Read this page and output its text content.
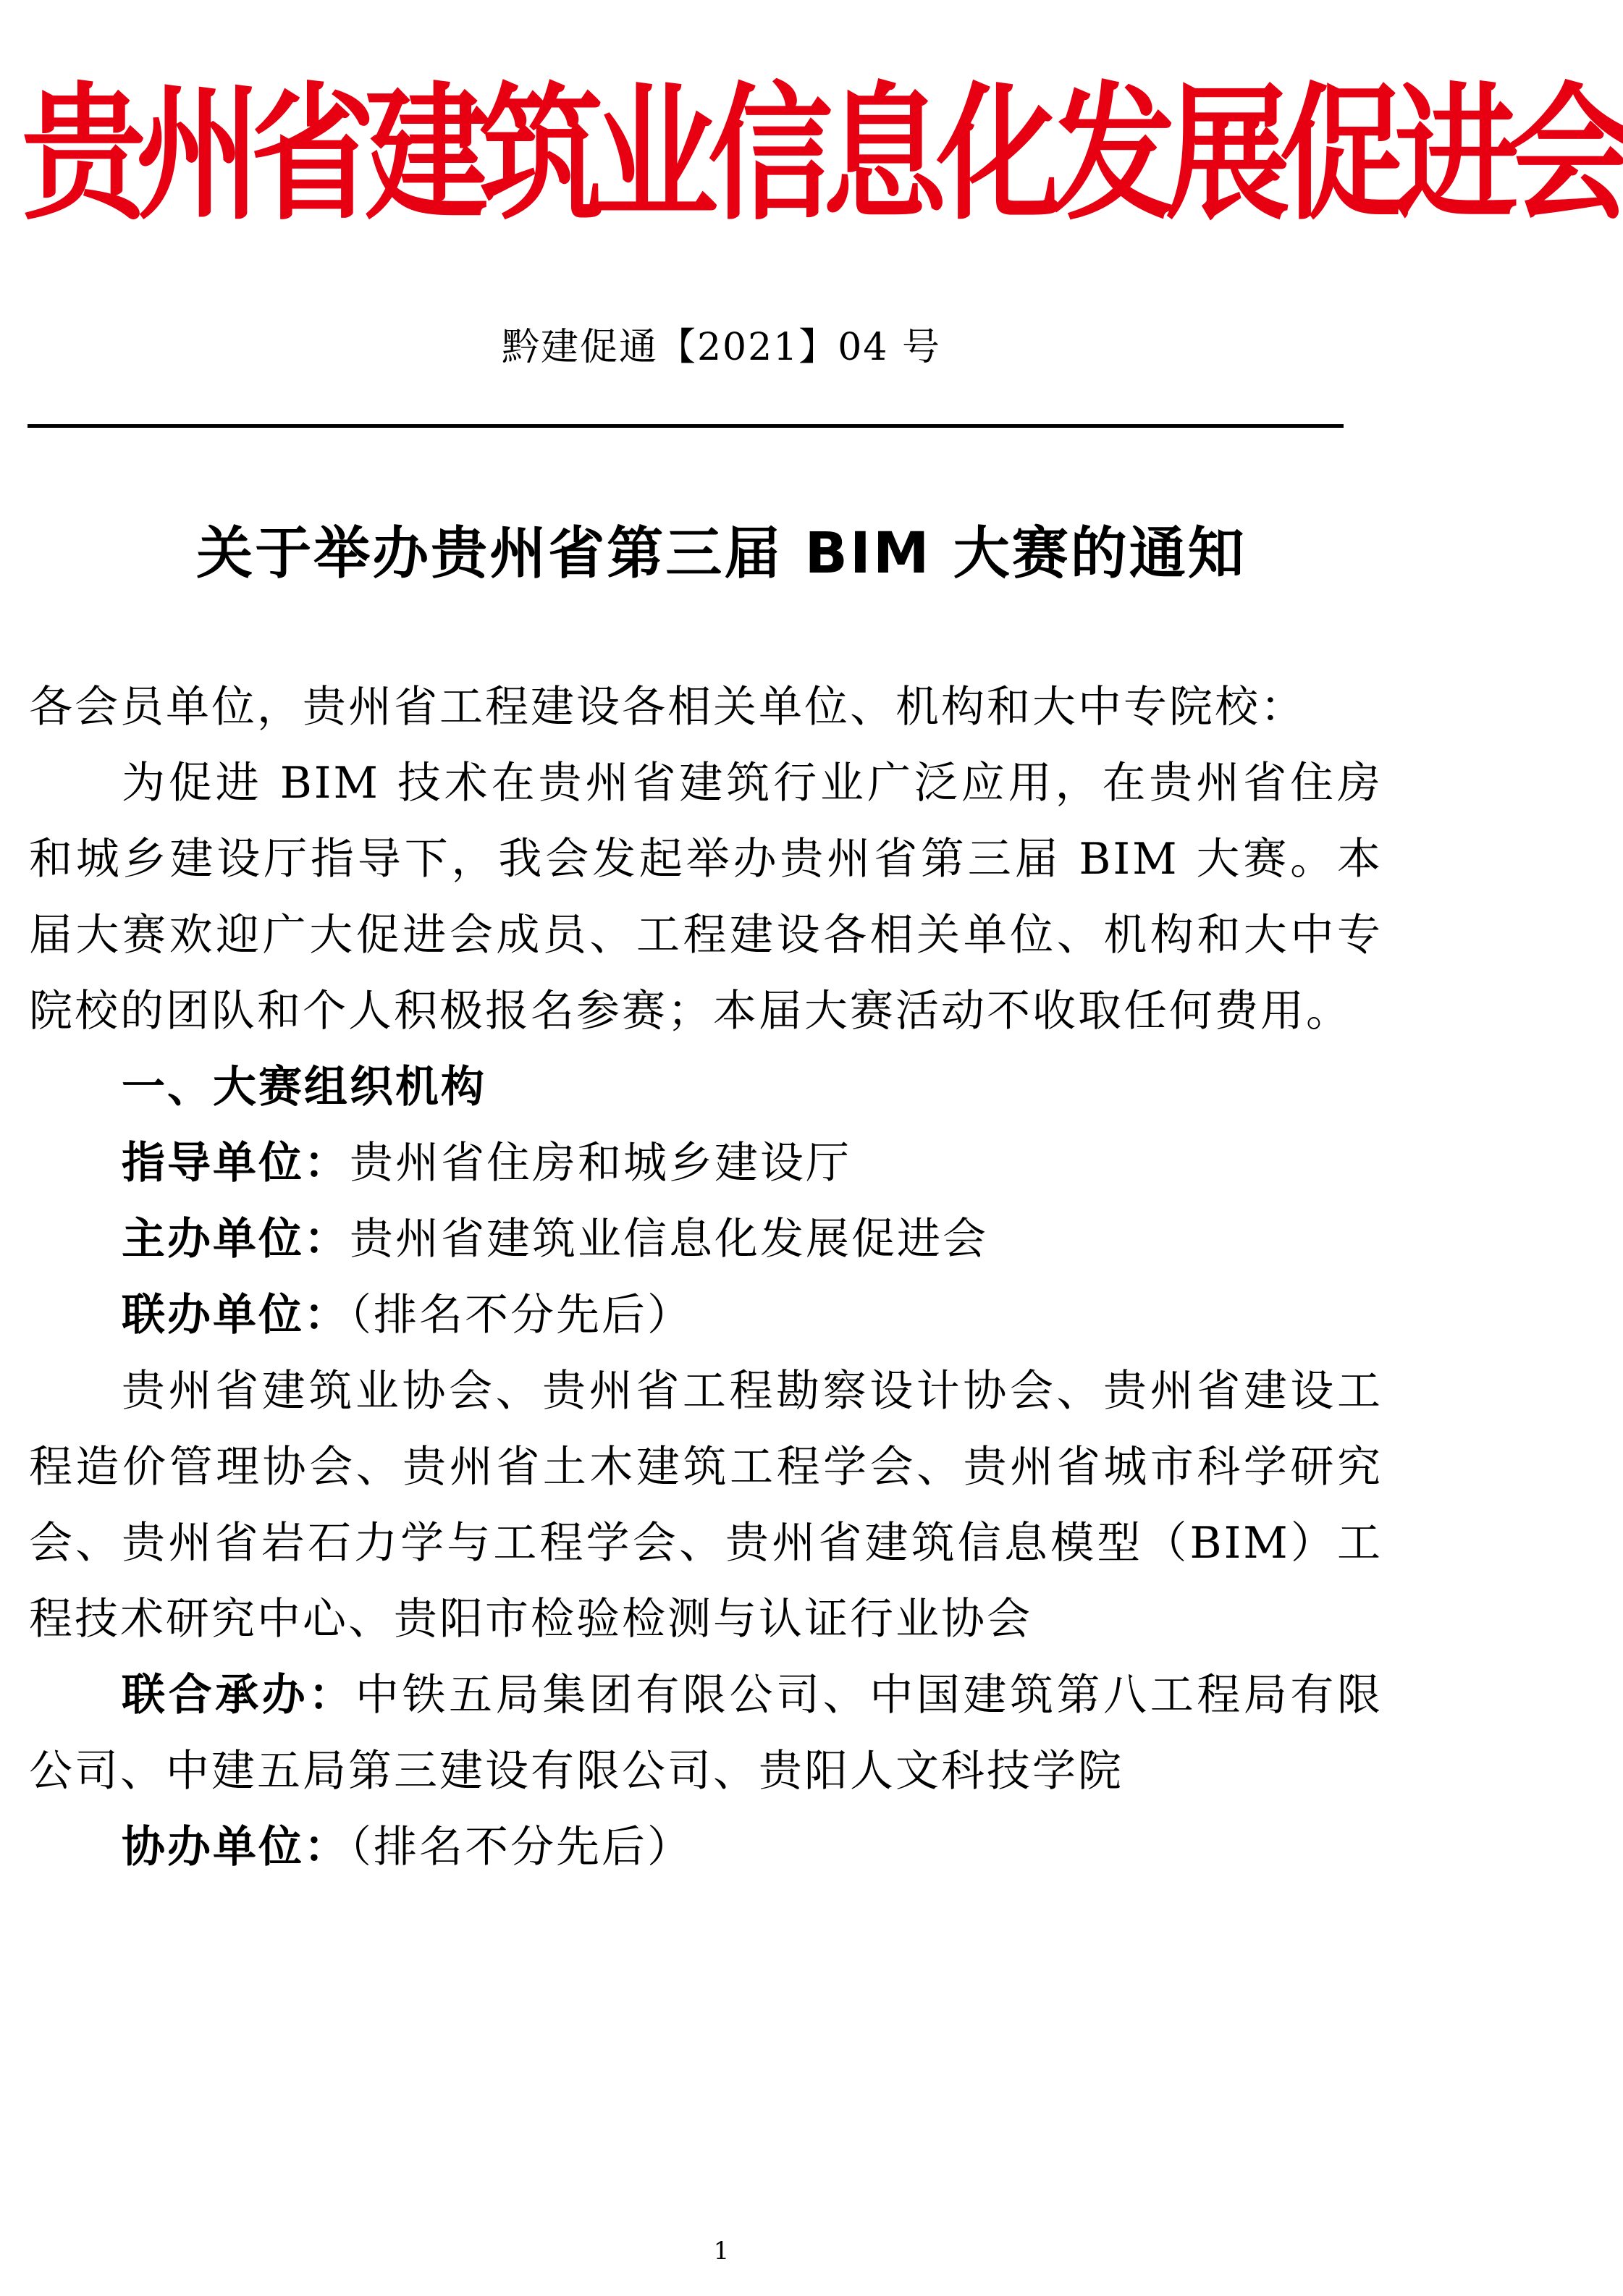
贵州省建筑业信息化发展促进会
黔建促通【2021】04 号
关于举办贵州省第三届 BIM 大赛的通知

各会员单位，贵州省工程建设各相关单位、机构和大中专院校：

为促进 BIM 技术在贵州省建筑行业广泛应用，在贵州省住房和城乡建设厅指导下，我会发起举办贵州省第三届 BIM 大赛。本届大赛欢迎广大促进会成员、工程建设各相关单位、机构和大中专院校的团队和个人积极报名参赛；本届大赛活动不收取任何费用。

一、大赛组织机构

指导单位：贵州省住房和城乡建设厅

主办单位：贵州省建筑业信息化发展促进会

联办单位：（排名不分先后）

贵州省建筑业协会、贵州省工程勘察设计协会、贵州省建设工程造价管理协会、贵州省土木建筑工程学会、贵州省城市科学研究会、贵州省岩石力学与工程学会、贵州省建筑信息模型（BIM）工程技术研究中心、贵阳市检验检测与认证行业协会

联合承办：中铁五局集团有限公司、中国建筑第八工程局有限公司、中建五局第三建设有限公司、贵阳人文科技学院

协办单位：（排名不分先后）

1
